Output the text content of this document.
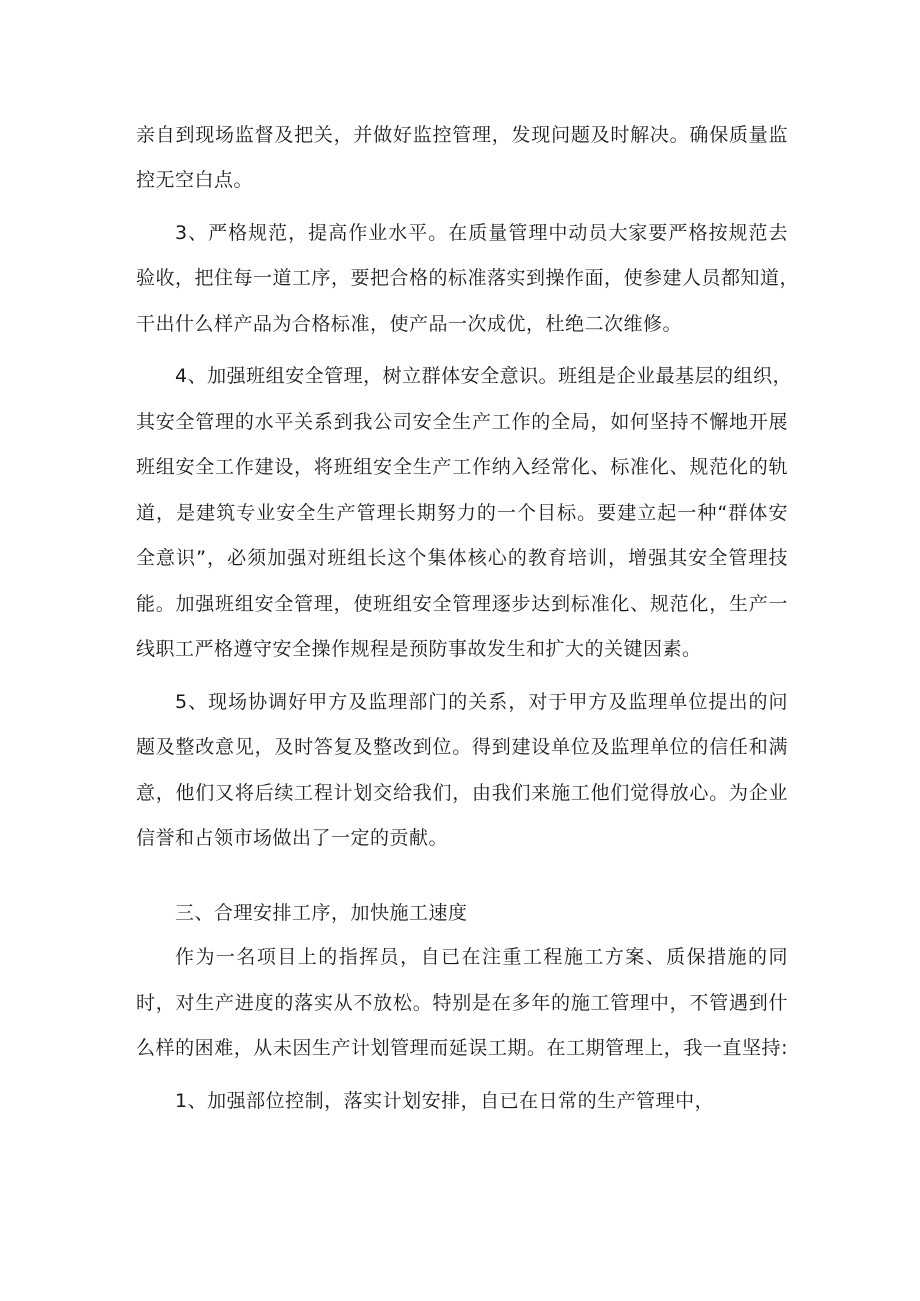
亲自到现场监督及把关，并做好监控管理，发现问题及时解决。确保质量监
控无空白点。
3、严格规范，提高作业水平。在质量管理中动员大家要严格按规范去
验收，把住每一道工序，要把合格的标准落实到操作面，使参建人员都知道，
干出什么样产品为合格标准，使产品一次成优，杜绝二次维修。
4、加强班组安全管理，树立群体安全意识。班组是企业最基层的组织，
其安全管理的水平关系到我公司安全生产工作的全局，如何坚持不懈地开展
班组安全工作建设，将班组安全生产工作纳入经常化、标准化、规范化的轨
道，是建筑专业安全生产管理长期努力的一个目标。要建立起一种“群体安
全意识”，必须加强对班组长这个集体核心的教育培训，增强其安全管理技
能。加强班组安全管理，使班组安全管理逐步达到标准化、规范化，生产一
线职工严格遵守安全操作规程是预防事故发生和扩大的关键因素。
5、现场协调好甲方及监理部门的关系，对于甲方及监理单位提出的问
题及整改意见，及时答复及整改到位。得到建设单位及监理单位的信任和满
意，他们又将后续工程计划交给我们，由我们来施工他们觉得放心。为企业
信誉和占领市场做出了一定的贡献。
三、合理安排工序，加快施工速度
作为一名项目上的指挥员，自已在注重工程施工方案、质保措施的同
时，对生产进度的落实从不放松。特别是在多年的施工管理中，不管遇到什
么样的困难，从未因生产计划管理而延误工期。在工期管理上，我一直坚持:
1、加强部位控制，落实计划安排，自已在日常的生产管理中，
